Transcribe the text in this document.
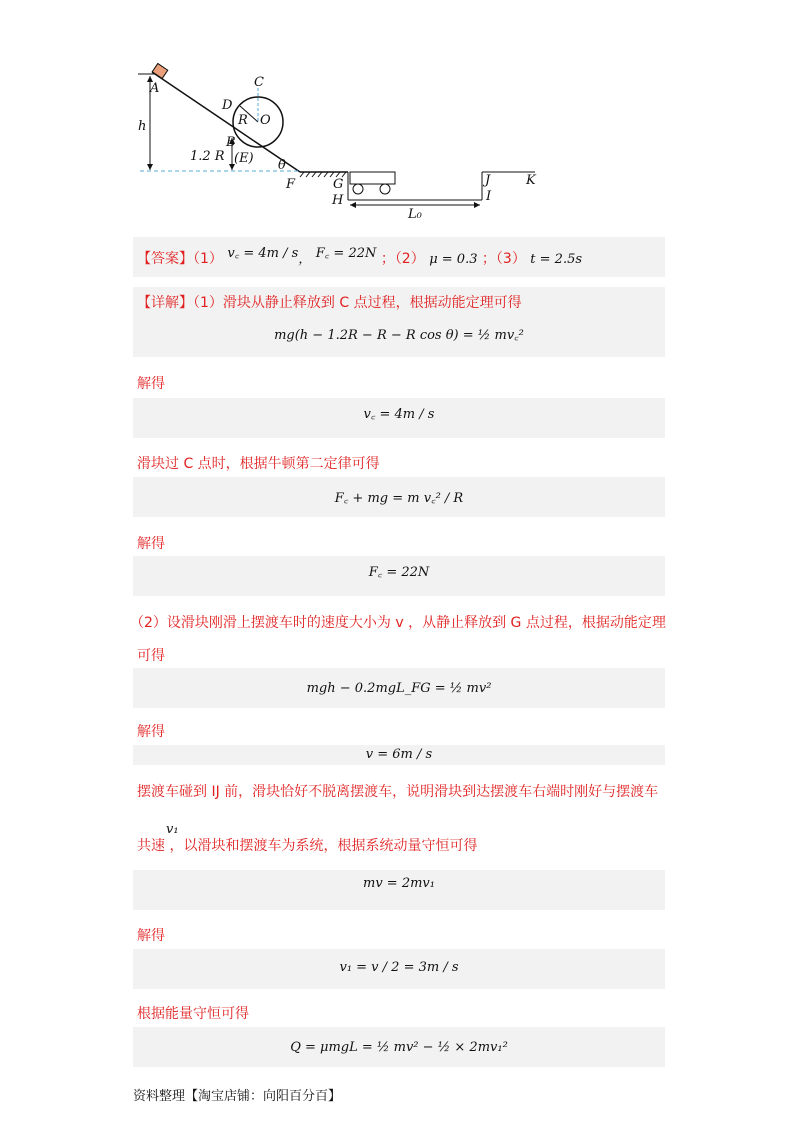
A
h
C
D
R O
B
1.2 R (E) θ
F	G
H
L₀
I
J	K
【答案】（1） v꜀ = 4m / s， F꜀ = 22N ；（2） μ = 0.3 ；（3） t = 2.5s
【详解】（1）滑块从静止释放到 C 点过程，根据动能定理可得
mg(h − 1.2R − R − R cos θ) = ½ mv꜀²
解得
v꜀ = 4m / s
滑块过 C 点时，根据牛顿第二定律可得
F꜀ + mg = m v꜀² / R
解得
F꜀ = 22N
（2）设滑块刚滑上摆渡车时的速度大小为 v ，从静止释放到 G 点过程，根据动能定理
可得
mgh − 0.2mgL_FG = ½ mv²
解得
v = 6m / s
摆渡车碰到 IJ 前，滑块恰好不脱离摆渡车，说明滑块到达摆渡车右端时刚好与摆渡车
v₁
共速 ，以滑块和摆渡车为系统，根据系统动量守恒可得
mv = 2mv₁
解得
v₁ = v / 2 = 3m / s
根据能量守恒可得
Q = μmgL = ½ mv² − ½ × 2mv₁²
资料整理【淘宝店铺：向阳百分百】
